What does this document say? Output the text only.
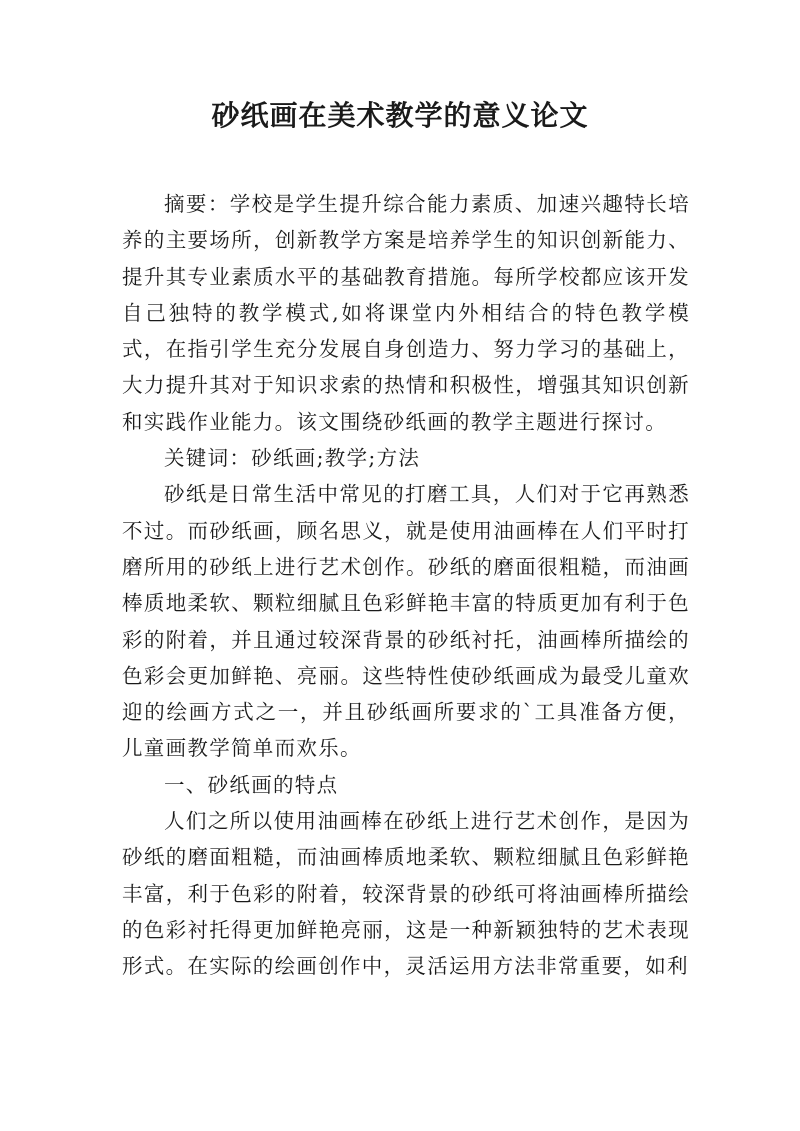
砂纸画在美术教学的意义论文

摘要：学校是学生提升综合能力素质、加速兴趣特长培养的主要场所，创新教学方案是培养学生的知识创新能力、提升其专业素质水平的基础教育措施。每所学校都应该开发自己独特的教学模式,如将课堂内外相结合的特色教学模式，在指引学生充分发展自身创造力、努力学习的基础上，大力提升其对于知识求索的热情和积极性，增强其知识创新和实践作业能力。该文围绕砂纸画的教学主题进行探讨。

关键词：砂纸画;教学;方法

砂纸是日常生活中常见的打磨工具，人们对于它再熟悉不过。而砂纸画，顾名思义，就是使用油画棒在人们平时打磨所用的砂纸上进行艺术创作。砂纸的磨面很粗糙，而油画棒质地柔软、颗粒细腻且色彩鲜艳丰富的特质更加有利于色彩的附着，并且通过较深背景的砂纸衬托，油画棒所描绘的色彩会更加鲜艳、亮丽。这些特性使砂纸画成为最受儿童欢迎的绘画方式之一，并且砂纸画所要求的`工具准备方便，儿童画教学简单而欢乐。

一、砂纸画的特点

人们之所以使用油画棒在砂纸上进行艺术创作，是因为砂纸的磨面粗糙，而油画棒质地柔软、颗粒细腻且色彩鲜艳丰富，利于色彩的附着，较深背景的砂纸可将油画棒所描绘的色彩衬托得更加鲜艳亮丽，这是一种新颖独特的艺术表现形式。在实际的绘画创作中，灵活运用方法非常重要，如利
